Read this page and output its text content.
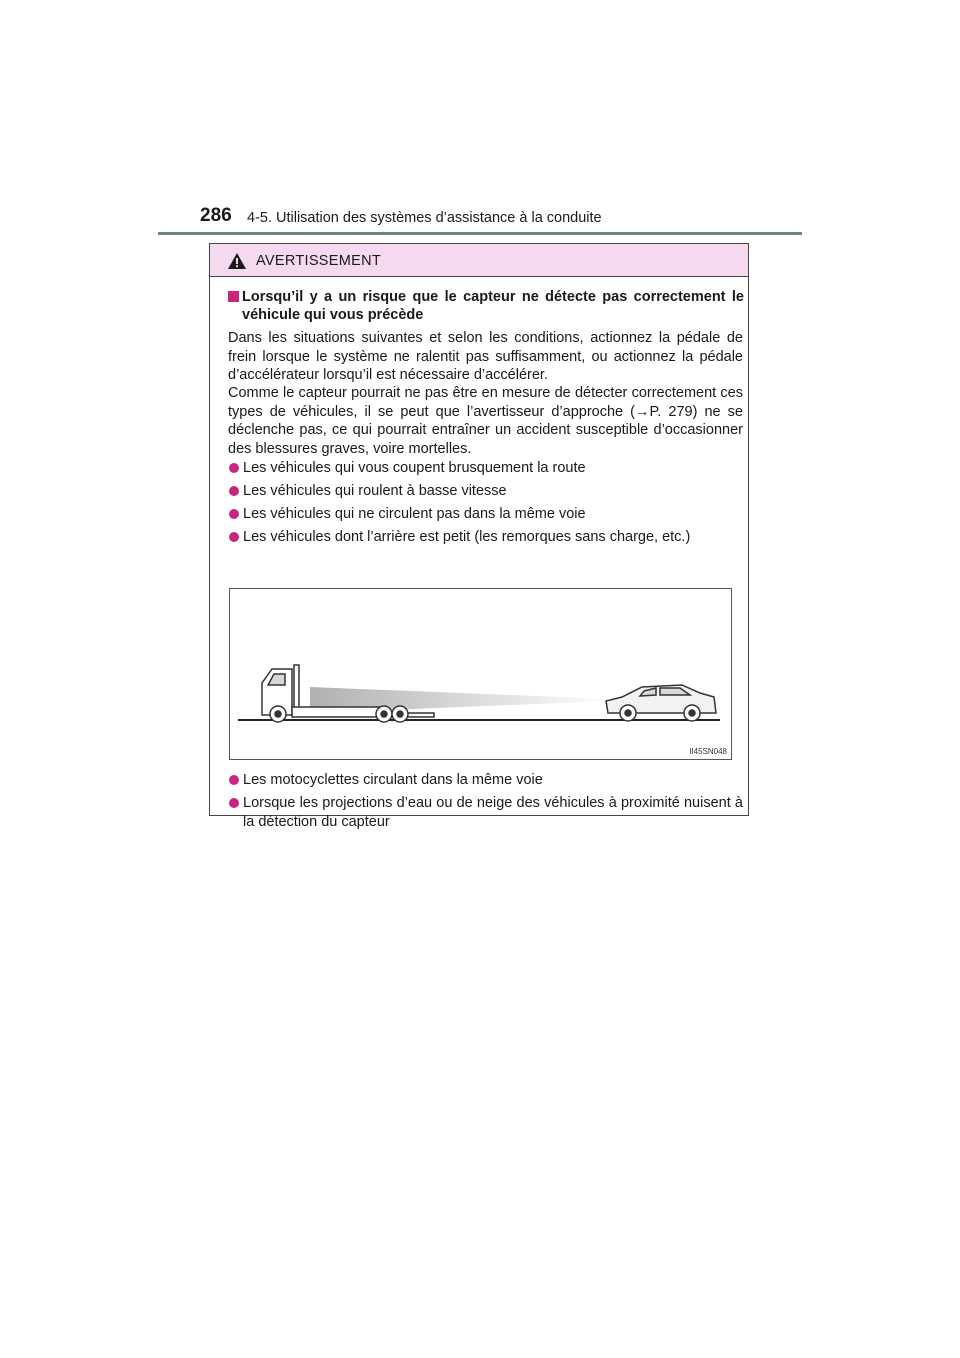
286 4-5. Utilisation des systèmes d’assistance à la conduite
AVERTISSEMENT
Lorsqu’il y a un risque que le capteur ne détecte pas correctement le véhicule qui vous précède
Dans les situations suivantes et selon les conditions, actionnez la pédale de frein lorsque le système ne ralentit pas suffisamment, ou actionnez la pédale d’accélérateur lorsqu’il est nécessaire d’accélérer.
Comme le capteur pourrait ne pas être en mesure de détecter correctement ces types de véhicules, il se peut que l’avertisseur d’approche (→P. 279) ne se déclenche pas, ce qui pourrait entraîner un accident susceptible d’occasionner des blessures graves, voire mortelles.
Les véhicules qui vous coupent brusquement la route
Les véhicules qui roulent à basse vitesse
Les véhicules qui ne circulent pas dans la même voie
Les véhicules dont l’arrière est petit (les remorques sans charge, etc.)
II45SN048
Les motocyclettes circulant dans la même voie
Lorsque les projections d’eau ou de neige des véhicules à proximité nuisent à la détection du capteur
